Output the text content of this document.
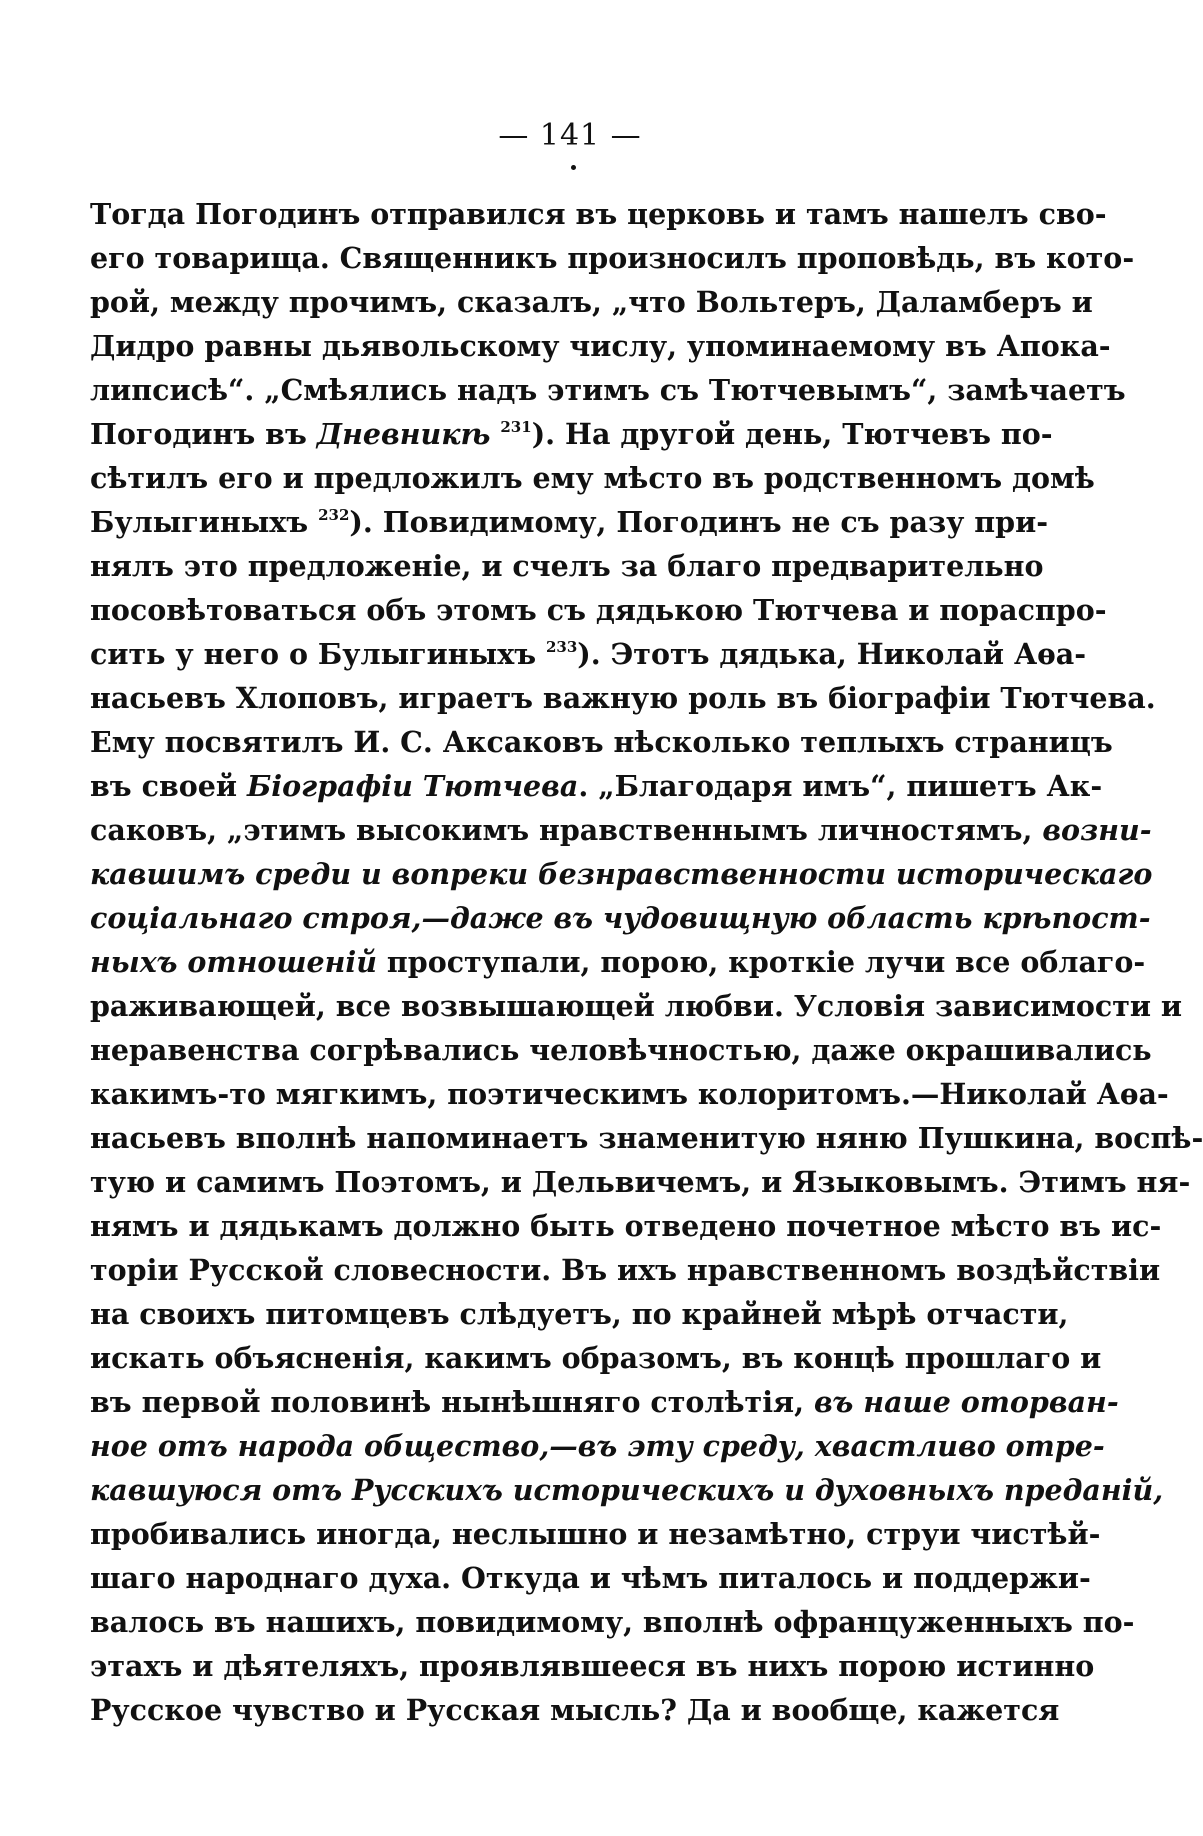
— 141 —
Тогда Погодинъ отправился въ церковь и тамъ нашелъ сво-
его товарища. Священникъ произносилъ проповѣдь, въ кото-
рой, между прочимъ, сказалъ, „что Вольтеръ, Даламберъ и
Дидро равны дьявольскому числу, упоминаемому въ Апока-
липсисѣ“. „Смѣялись надъ этимъ съ Тютчевымъ“, замѣчаетъ
Погодинъ въ Дневникѣ $^{231}$). На другой день, Тютчевъ по-
сѣтилъ его и предложилъ ему мѣсто въ родственномъ домѣ
Булыгиныхъ $^{232}$). Повидимому, Погодинъ не съ разу при-
нялъ это предложеніе, и счелъ за благо предварительно
посовѣтоваться объ этомъ съ дядькою Тютчева и пораспро-
сить у него о Булыгиныхъ $^{233}$). Этотъ дядька, Николай Аѳа-
насьевъ Хлоповъ, играетъ важную роль въ біографіи Тютчева.
Ему посвятилъ И. С. Аксаковъ нѣсколько теплыхъ страницъ
въ своей Біографіи Тютчева. „Благодаря имъ“, пишетъ Ак-
саковъ, „этимъ высокимъ нравственнымъ личностямъ, возни-
кавшимъ среди и вопреки безнравственности историческаго
соціальнаго строя,—даже въ чудовищную область крѣпост-
ныхъ отношеній проступали, порою, кроткіе лучи все облаго-
раживающей, все возвышающей любви. Условія зависимости и
неравенства согрѣвались человѣчностью, даже окрашивались
какимъ-то мягкимъ, поэтическимъ колоритомъ.—Николай Аѳа-
насьевъ вполнѣ напоминаетъ знаменитую няню Пушкина, воспѣ-
тую и самимъ Поэтомъ, и Дельвичемъ, и Языковымъ. Этимъ ня-
нямъ и дядькамъ должно быть отведено почетное мѣсто въ ис-
торіи Русской словесности. Въ ихъ нравственномъ воздѣйствіи
на своихъ питомцевъ слѣдуетъ, по крайней мѣрѣ отчасти,
искать объясненія, какимъ образомъ, въ концѣ прошлаго и
въ первой половинѣ нынѣшняго столѣтія, въ наше оторван-
ное отъ народа общество,—въ эту среду, хвастливо отре-
кавшуюся отъ Русскихъ историческихъ и духовныхъ преданій,
пробивались иногда, неслышно и незамѣтно, струи чистѣй-
шаго народнаго духа. Откуда и чѣмъ питалось и поддержи-
валось въ нашихъ, повидимому, вполнѣ офранцуженныхъ по-
этахъ и дѣятеляхъ, проявлявшееся въ нихъ порою истинно
Русское чувство и Русская мысль? Да и вообще, кажется
